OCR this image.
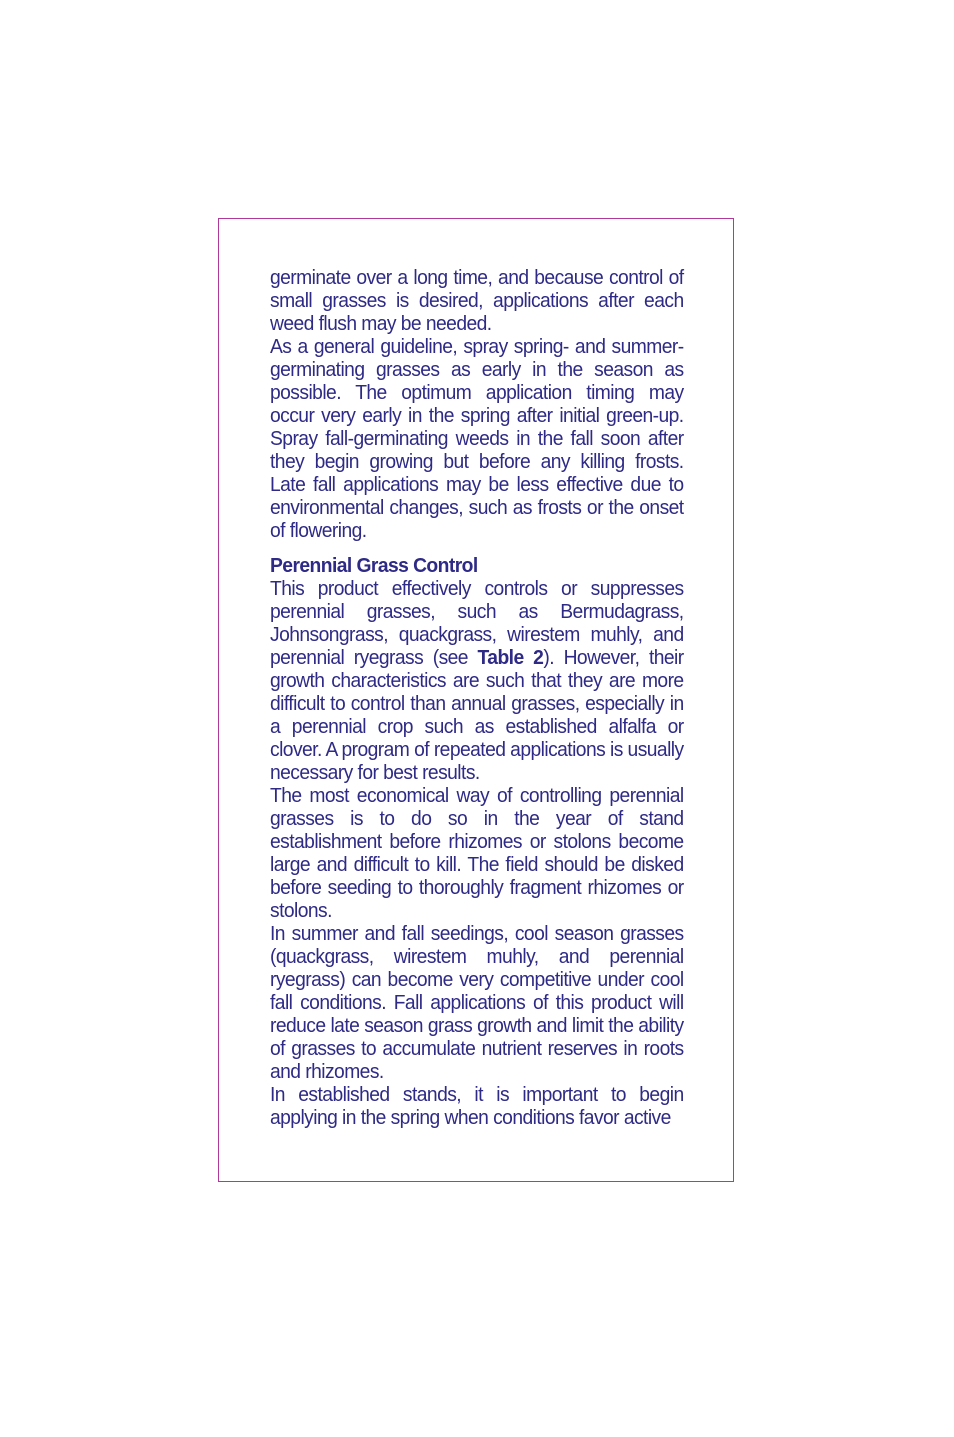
germinate over a long time, and because control of small grasses is desired, applications after each weed flush may be needed.

As a general guideline, spray spring- and summer-germinating grasses as early in the season as possible. The optimum application timing may occur very early in the spring after initial green-up. Spray fall-germinating weeds in the fall soon after they begin growing but before any killing frosts. Late fall applications may be less effective due to environmental changes, such as frosts or the onset of flowering.

Perennial Grass Control

This product effectively controls or suppresses perennial grasses, such as Bermudagrass, Johnsongrass, quackgrass, wirestem muhly, and perennial ryegrass (see Table 2). However, their growth characteristics are such that they are more difficult to control than annual grasses, especially in a perennial crop such as established alfalfa or clover. A program of repeated applications is usually necessary for best results.

The most economical way of controlling perennial grasses is to do so in the year of stand establishment before rhizomes or stolons become large and difficult to kill. The field should be disked before seeding to thoroughly fragment rhizomes or stolons.

In summer and fall seedings, cool season grasses (quackgrass, wirestem muhly, and perennial ryegrass) can become very competitive under cool fall conditions. Fall applications of this product will reduce late season grass growth and limit the ability of grasses to accumulate nutrient reserves in roots and rhizomes.

In established stands, it is important to begin applying in the spring when conditions favor active
